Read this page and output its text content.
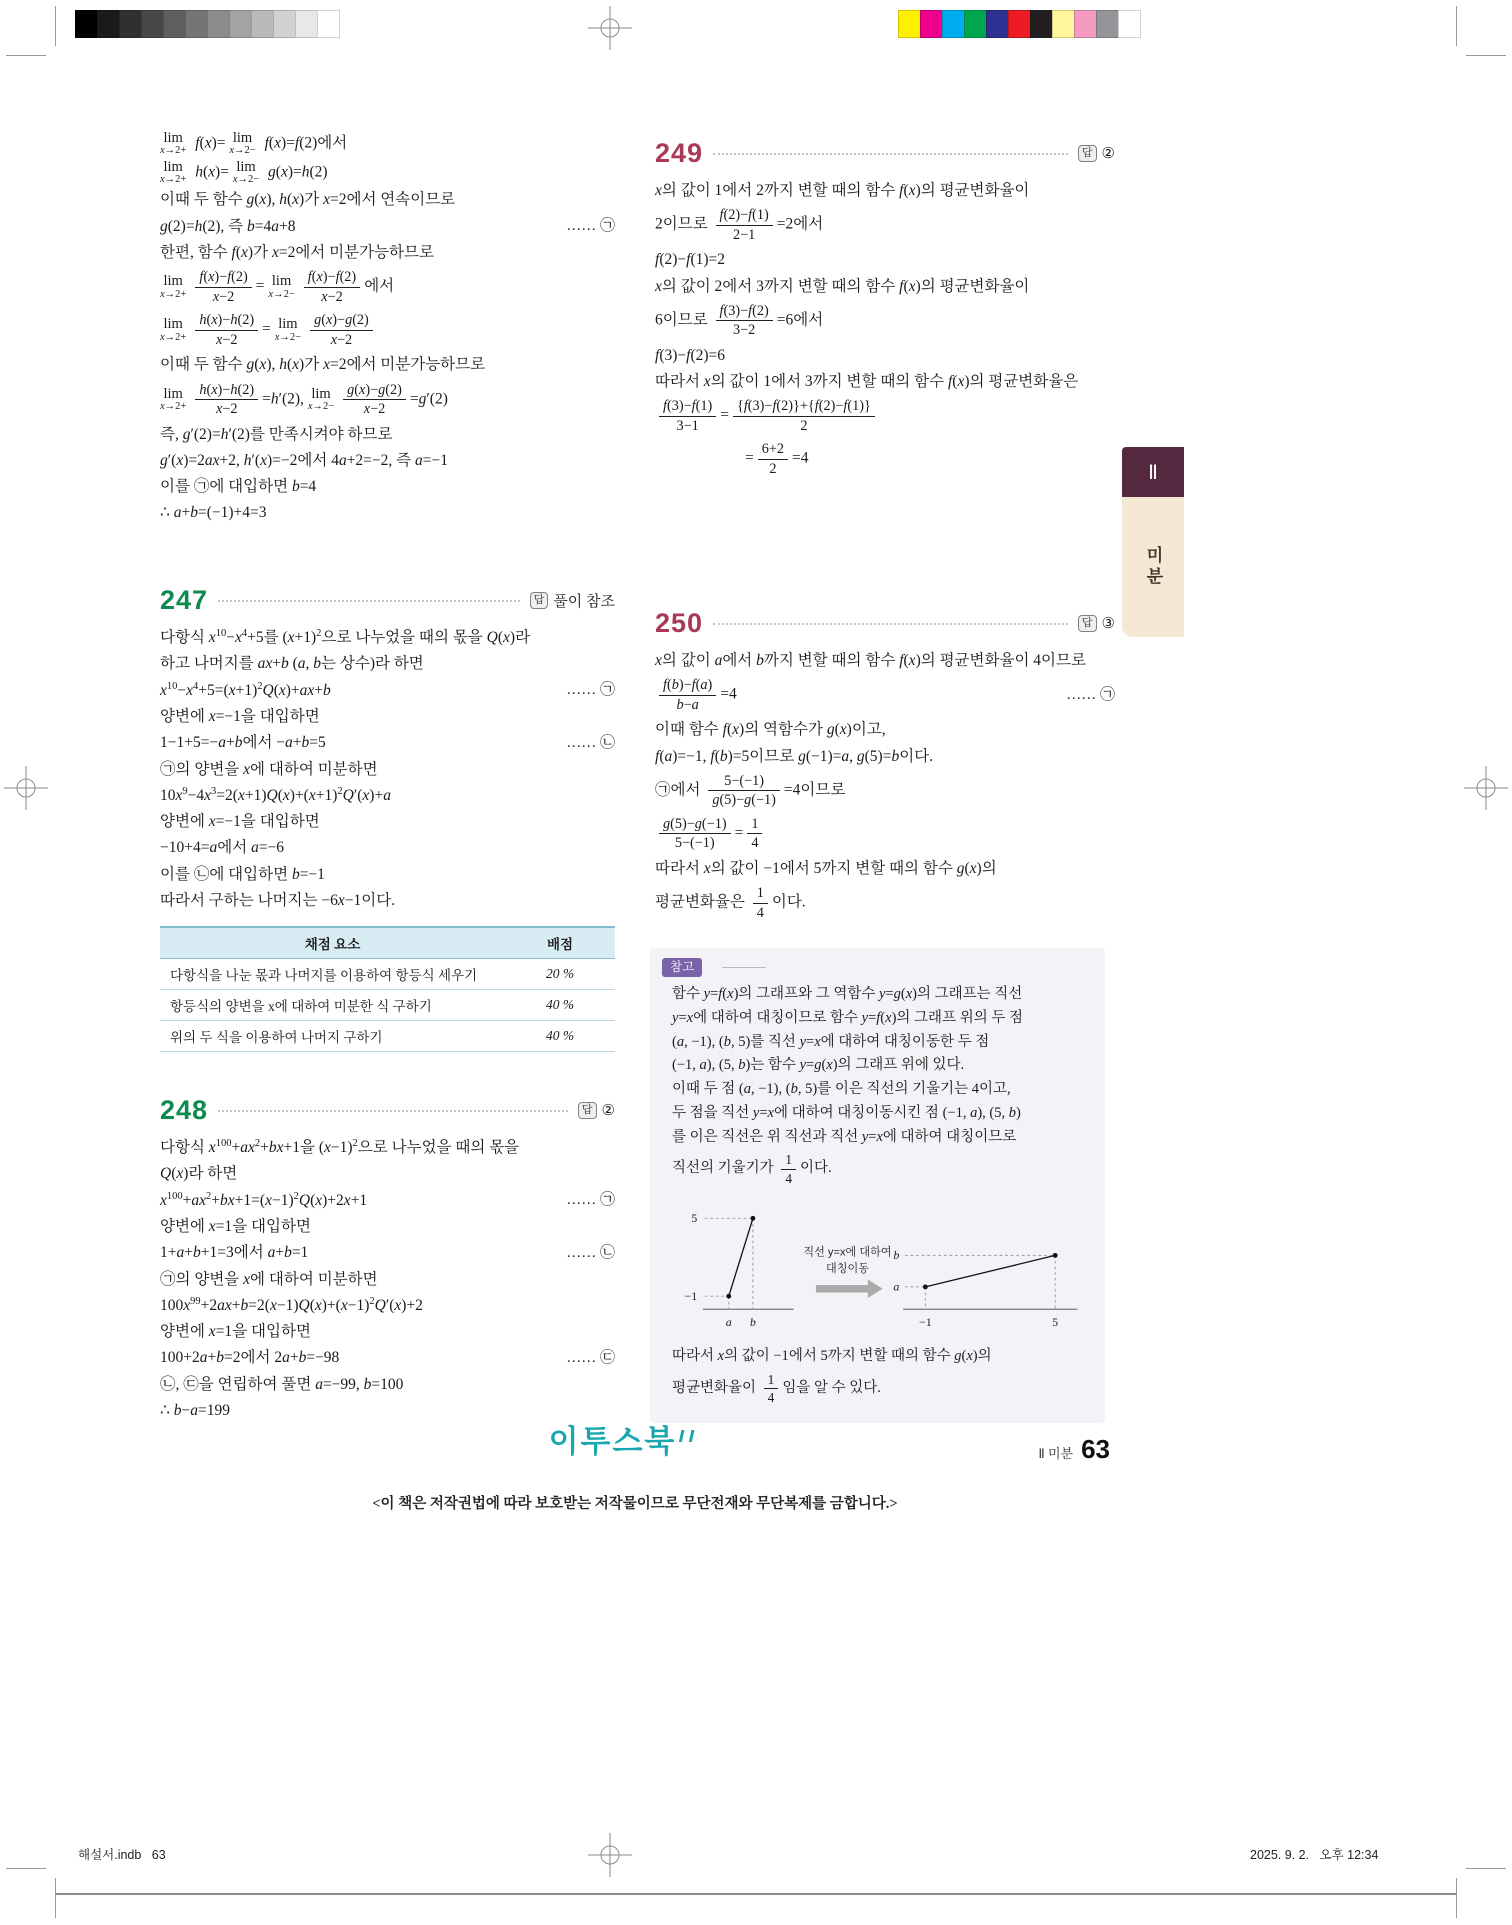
lim
x→2+ f(x)= lim
x→2− f(x)=f(2)에서
lim
x→2+ h(x)= lim
x→2− g(x)=h(2)
이때 두 함수 g(x), h(x)가 x=2에서 연속이므로
g(2)=h(2), 즉 b=4a+8	…… ㉠
한편, 함수 f(x)가 x=2에서 미분가능하므로
lim
$x\to 2+ \frac{f(x)-f(2)}{x-2} = \lim$
$x\to 2- \frac{f(x)-f(2)}{x-2}$ 에서
lim
$x\to 2+ \frac{h(x)-h(2)}{x-2} = \lim$
$x\to 2- \frac{g(x)-g(2)}{x-2}$
이때 두 함수 g(x), h(x)가 x=2에서 미분가능하므로
lim
$x\to 2+ \frac{h(x)-h(2)}{x-2} =h'(2)$, lim
$x\to 2- \frac{g(x)-g(2)}{x-2} =g'(2)$
즉, g′(2)=h′(2)를 만족시켜야 하므로
g′(x)=2ax+2, h′(x)=−2에서 4a+2=−2, 즉 a=−1
이를 ㉠에 대입하면 b=4
∴ a+b=(−1)+4=3
247	답 풀이 참조
다항식 $x^{10}-x^4+5$를 $(x+1)^2$으로 나누었을 때의 몫을 Q(x)라
하고 나머지를 ax+b (a, b는 상수)라 하면
$x^{10}-x^4+5=(x+1)^2Q(x)+ax+b$	…… ㉠
양변에 x=−1을 대입하면
1−1+5=−a+b에서 −a+b=5	…… ㉡
㉠의 양변을 x에 대하여 미분하면
$10x^9-4x^3=2(x+1)Q(x)+(x+1)^2Q'(x)+a$
양변에 x=−1을 대입하면
−10+4=a에서 a=−6
이를 ㉡에 대입하면 b=−1
따라서 구하는 나머지는 −6x−1이다.
채점 요소	배점
다항식을 나눈 몫과 나머지를 이용하여 항등식 세우기	20 %
항등식의 양변을 x에 대하여 미분한 식 구하기	40 %
위의 두 식을 이용하여 나머지 구하기	40 %
248	답 ②
다항식 $x^{100}+ax^2+bx+1$을 $(x-1)^2$으로 나누었을 때의 몫을
Q(x)라 하면
$x^{100}+ax^2+bx+1=(x-1)^2Q(x)+2x+1$	…… ㉠
양변에 x=1을 대입하면
1+a+b+1=3에서 a+b=1	…… ㉡
㉠의 양변을 x에 대하여 미분하면
$100x^{99}+2ax+b=2(x-1)Q(x)+(x-1)^2Q'(x)+2$
양변에 x=1을 대입하면
100+2a+b=2에서 2a+b=−98	…… ㉢
㉡, ㉢을 연립하여 풀면 a=−99, b=100
∴ b−a=199
249	답 ②
x의 값이 1에서 2까지 변할 때의 함수 f(x)의 평균변화율이
2이므로 $\frac{f(2)-f(1)}{2-1} =2$에서
f(2)−f(1)=2
x의 값이 2에서 3까지 변할 때의 함수 f(x)의 평균변화율이
6이므로 $\frac{f(3)-f(2)}{3-2} =6$에서
f(3)−f(2)=6
따라서 x의 값이 1에서 3까지 변할 때의 함수 f(x)의 평균변화율은
$\frac{f(3)-f(1)}{3-1} = \frac{\{f(3)-f(2)\}+\{f(2)-f(1)\}}{2}$
= $\frac{6+2}{2} =4$
250	답 ③
x의 값이 a에서 b까지 변할 때의 함수 f(x)의 평균변화율이 4이므로
$\frac{f(b)-f(a)}{b-a} =4$	…… ㉠
이때 함수 f(x)의 역함수가 g(x)이고,
f(a)=−1, f(b)=5이므로 g(−1)=a, g(5)=b이다.
㉠에서 $\frac{5-(-1)}{g(5)-g(-1)} =4$이므로
$\frac{g(5)-g(-1)}{5-(-1)} = \frac{1}{4}$
따라서 x의 값이 −1에서 5까지 변할 때의 함수 g(x)의
평균변화율은 $\frac{1}{4}$ 이다.
참고
함수 y=f(x)의 그래프와 그 역함수 y=g(x)의 그래프는 직선
y=x에 대하여 대칭이므로 함수 y=f(x)의 그래프 위의 두 점
(a, −1), (b, 5)를 직선 y=x에 대하여 대칭이동한 두 점
(−1, a), (5, b)는 함수 y=g(x)의 그래프 위에 있다.
이때 두 점 (a, −1), (b, 5)를 이은 직선의 기울기는 4이고,
두 점을 직선 y=x에 대하여 대칭이동시킨 점 (−1, a), (5, b)
를 이은 직선은 위 직선과 직선 y=x에 대하여 대칭이므로
직선의 기울기가 $\frac{1}{4}$ 이다.
5
−1
a b
직선 y=x에 대하여
대칭이동
b
a
−1	5
따라서 x의 값이 −1에서 5까지 변할 때의 함수 g(x)의
평균변화율이 $\frac{1}{4}$ 임을 알 수 있다.
Ⅱ
미분
이투스북	Ⅱ 미분 63
<이 책은 저작권법에 따라 보호받는 저작물이므로 무단전재와 무단복제를 금합니다.>
해설서.indb   63	2025. 9. 2.   오후 12:34
